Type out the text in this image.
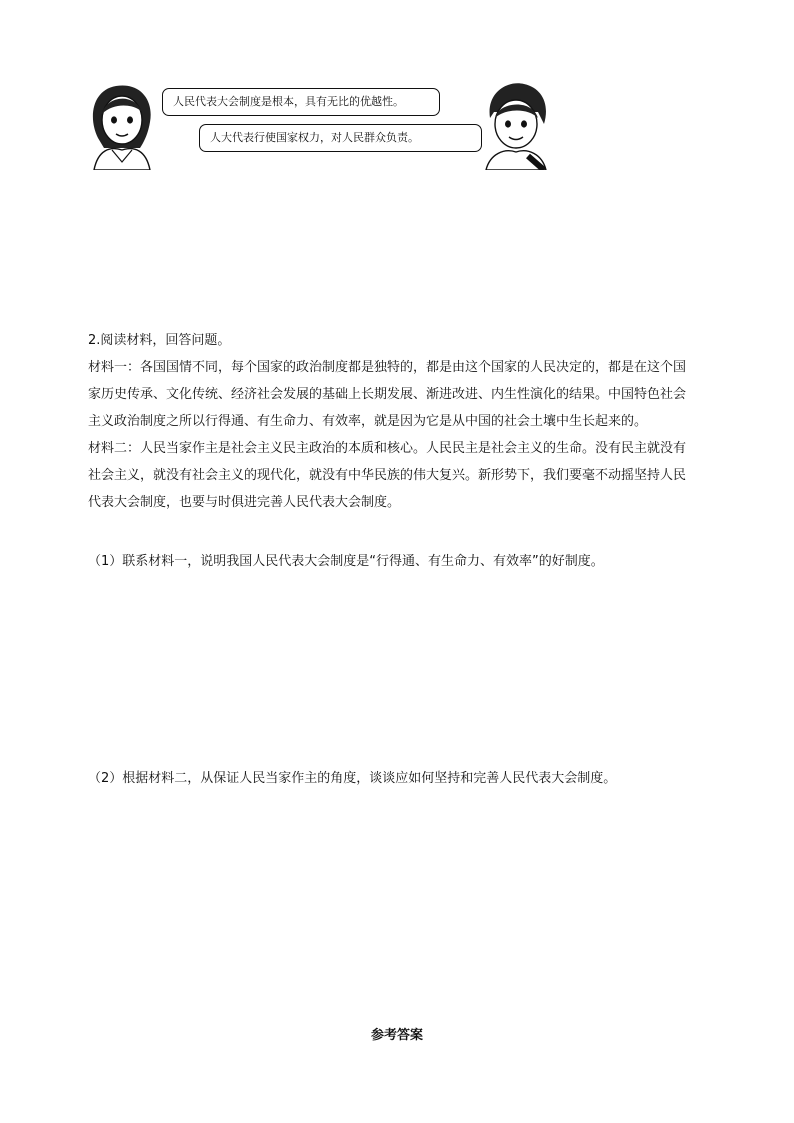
人民代表大会制度是根本，具有无比的优越性。
人大代表行使国家权力，对人民群众负责。

2.阅读材料，回答问题。

材料一：各国国情不同，每个国家的政治制度都是独特的，都是由这个国家的人民决定的，都是在这个国

家历史传承、文化传统、经济社会发展的基础上长期发展、渐进改进、内生性演化的结果。中国特色社会

主义政治制度之所以行得通、有生命力、有效率，就是因为它是从中国的社会土壤中生长起来的。

材料二：人民当家作主是社会主义民主政治的本质和核心。人民民主是社会主义的生命。没有民主就没有

社会主义，就没有社会主义的现代化，就没有中华民族的伟大复兴。新形势下，我们要毫不动摇坚持人民

代表大会制度，也要与时俱进完善人民代表大会制度。

（1）联系材料一，说明我国人民代表大会制度是“行得通、有生命力、有效率”的好制度。
（2）根据材料二，从保证人民当家作主的角度，谈谈应如何坚持和完善人民代表大会制度。
参考答案
